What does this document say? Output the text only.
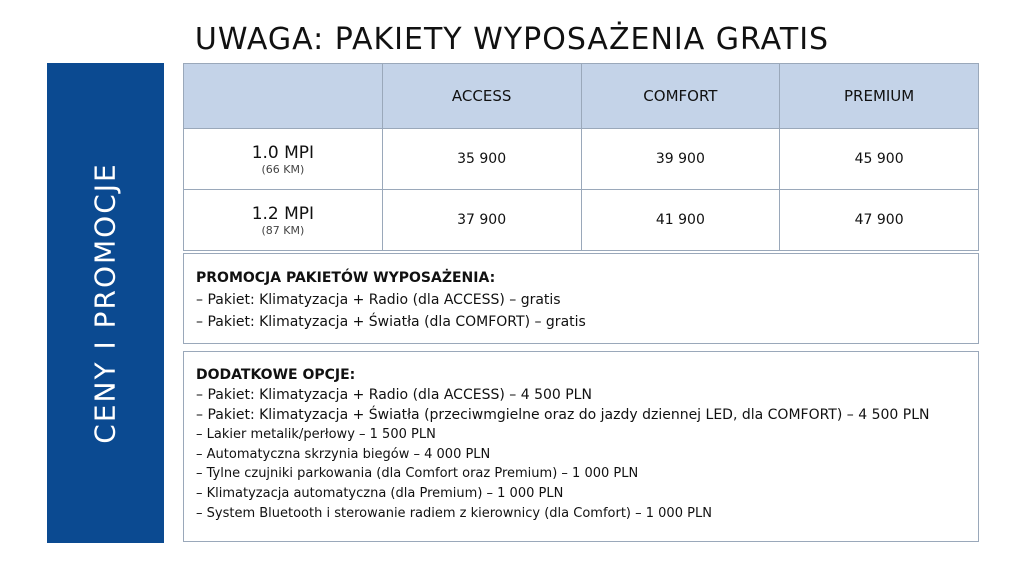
UWAGA: PAKIETY WYPOSAŻENIA GRATIS
CENY I PROMOCJE
	ACCESS	COMFORT	PREMIUM

1.0 MPI
(66 KM)	35 900	39 900	45 900

1.2 MPI
(87 KM)	37 900	41 900	47 900
PROMOCJA PAKIETÓW WYPOSAŻENIA:
– Pakiet: Klimatyzacja + Radio (dla ACCESS) – gratis
– Pakiet: Klimatyzacja + Światła (dla COMFORT) – gratis
DODATKOWE OPCJE:
– Pakiet: Klimatyzacja + Radio (dla ACCESS) – 4 500 PLN
– Pakiet: Klimatyzacja + Światła (przeciwmgielne oraz do jazdy dziennej LED, dla COMFORT) – 4 500 PLN
– Lakier metalik/perłowy – 1 500 PLN
– Automatyczna skrzynia biegów – 4 000 PLN
– Tylne czujniki parkowania (dla Comfort oraz Premium) – 1 000 PLN
– Klimatyzacja automatyczna (dla Premium) – 1 000 PLN
– System Bluetooth i sterowanie radiem z kierownicy (dla Comfort) – 1 000 PLN
